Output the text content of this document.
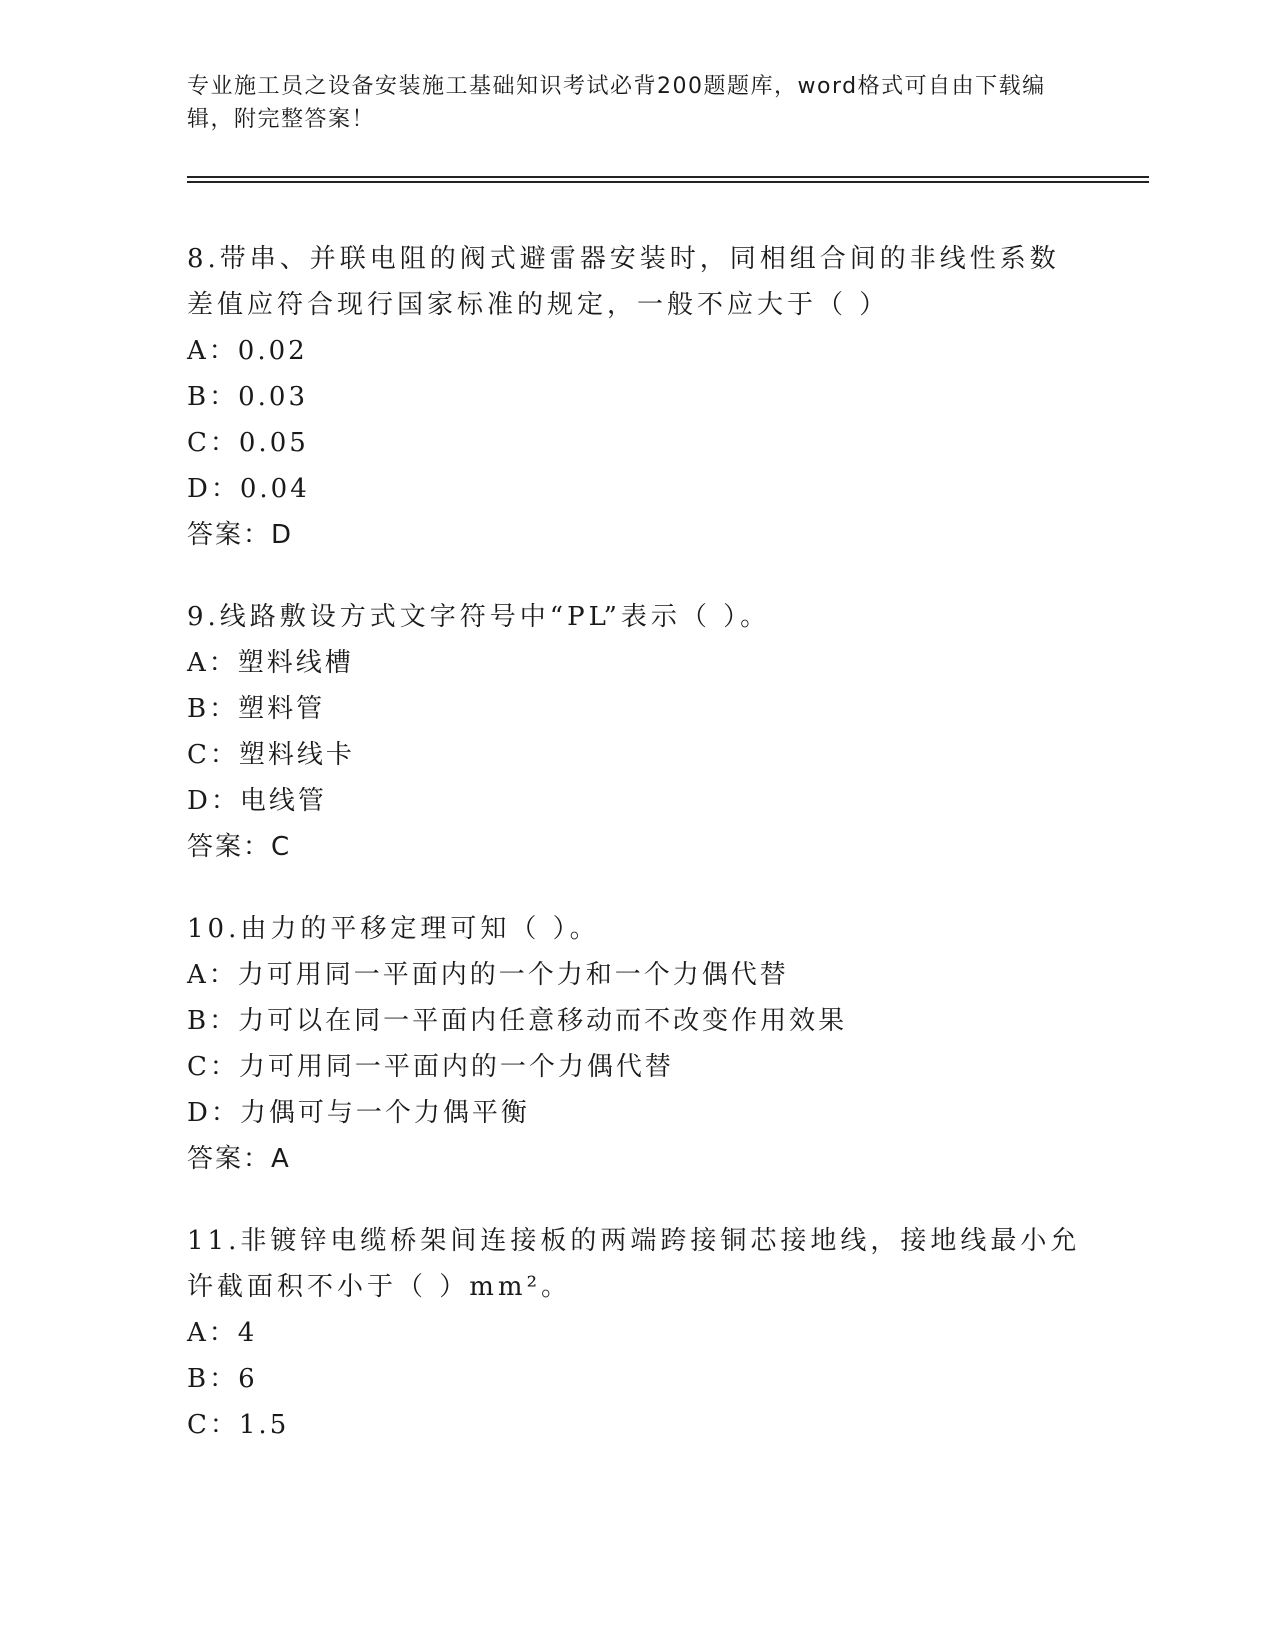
专业施工员之设备安装施工基础知识考试必背200题题库，word格式可自由下载编辑，附完整答案！

8.带串、并联电阻的阀式避雷器安装时，同相组合间的非线性系数差值应符合现行国家标准的规定，一般不应大于（ ）

A：0.02

B：0.03

C：0.05

D：0.04

答案：D

9.线路敷设方式文字符号中“PL”表示（ ）。

A：塑料线槽

B：塑料管

C：塑料线卡

D：电线管

答案：C

10.由力的平移定理可知（ ）。

A：力可用同一平面内的一个力和一个力偶代替

B：力可以在同一平面内任意移动而不改变作用效果

C：力可用同一平面内的一个力偶代替

D：力偶可与一个力偶平衡

答案：A

11.非镀锌电缆桥架间连接板的两端跨接铜芯接地线，接地线最小允许截面积不小于（ ）mm²。

A：4

B：6

C：1.5
